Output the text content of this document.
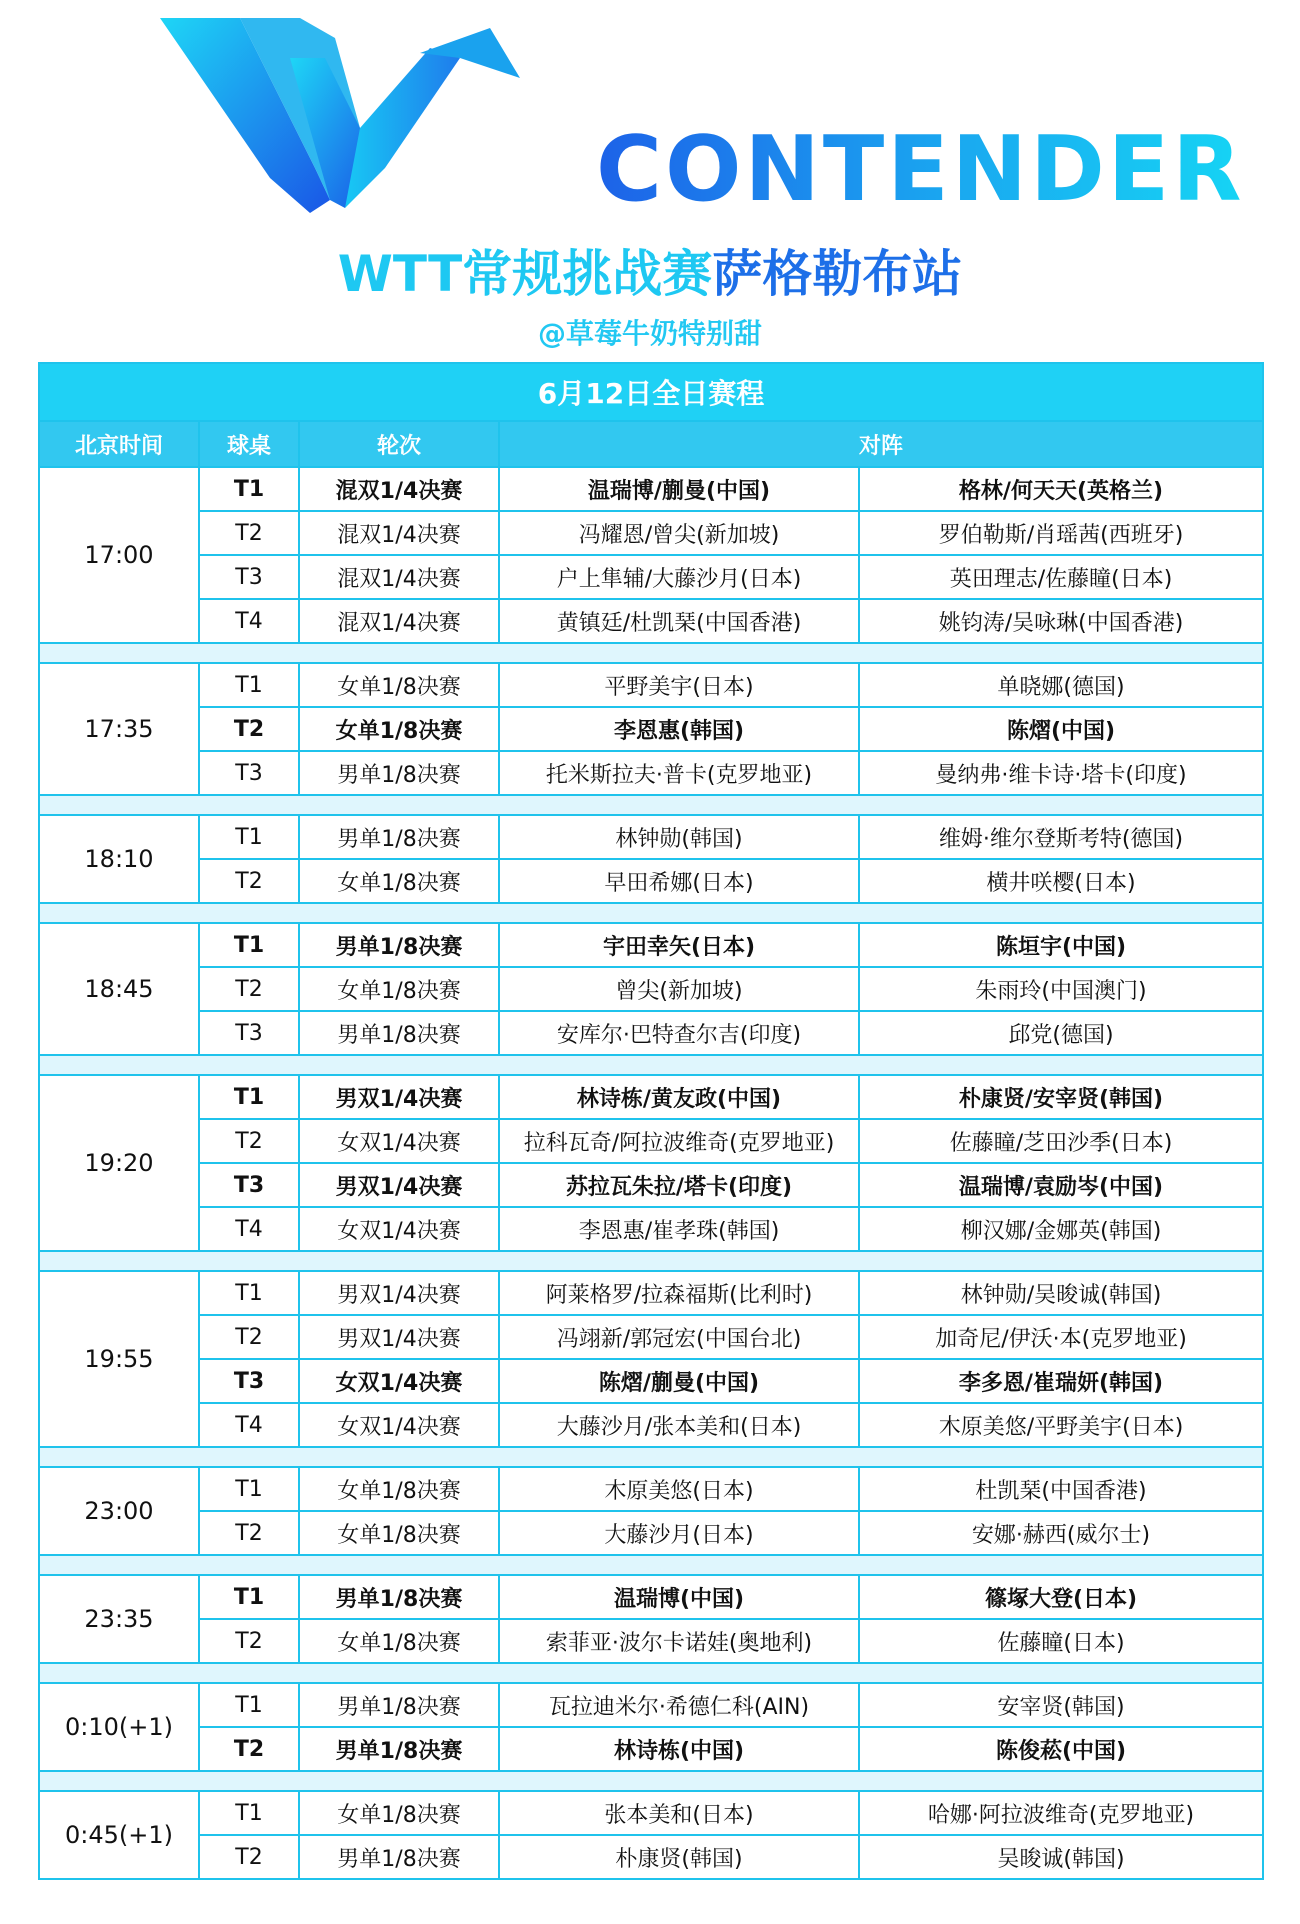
CONTENDER
WTT常规挑战赛萨格勒布站
@草莓牛奶特别甜
6月12日全日赛程				
北京时间	球桌	轮次	对阵	
17:00	T1	混双1/4决赛	温瑞博/蒯曼(中国)	格林/何天天(英格兰)
	T2	混双1/4决赛	冯耀恩/曾尖(新加坡)	罗伯勒斯/肖瑶茜(西班牙)
	T3	混双1/4决赛	户上隼辅/大藤沙月(日本)	英田理志/佐藤瞳(日本)
	T4	混双1/4决赛	黄镇廷/杜凯琹(中国香港)	姚钧涛/吴咏琳(中国香港)

17:35	T1	女单1/8决赛	平野美宇(日本)	单晓娜(德国)
	T2	女单1/8决赛	李恩惠(韩国)	陈熠(中国)
	T3	男单1/8决赛	托米斯拉夫·普卡(克罗地亚)	曼纳弗·维卡诗·塔卡(印度)

18:10	T1	男单1/8决赛	林钟勋(韩国)	维姆·维尔登斯考特(德国)
	T2	女单1/8决赛	早田希娜(日本)	横井咲樱(日本)

18:45	T1	男单1/8决赛	宇田幸矢(日本)	陈垣宇(中国)
	T2	女单1/8决赛	曾尖(新加坡)	朱雨玲(中国澳门)
	T3	男单1/8决赛	安库尔·巴特查尔吉(印度)	邱党(德国)

19:20	T1	男双1/4决赛	林诗栋/黄友政(中国)	朴康贤/安宰贤(韩国)
	T2	女双1/4决赛	拉科瓦奇/阿拉波维奇(克罗地亚)	佐藤瞳/芝田沙季(日本)
	T3	男双1/4决赛	苏拉瓦朱拉/塔卡(印度)	温瑞博/袁励岑(中国)
	T4	女双1/4决赛	李恩惠/崔孝珠(韩国)	柳汉娜/金娜英(韩国)

19:55	T1	男双1/4决赛	阿莱格罗/拉森福斯(比利时)	林钟勋/吴晙诚(韩国)
	T2	男双1/4决赛	冯翊新/郭冠宏(中国台北)	加奇尼/伊沃·本(克罗地亚)
	T3	女双1/4决赛	陈熠/蒯曼(中国)	李多恩/崔瑞妍(韩国)
	T4	女双1/4决赛	大藤沙月/张本美和(日本)	木原美悠/平野美宇(日本)

23:00	T1	女单1/8决赛	木原美悠(日本)	杜凯琹(中国香港)
	T2	女单1/8决赛	大藤沙月(日本)	安娜·赫西(威尔士)

23:35	T1	男单1/8决赛	温瑞博(中国)	篠塚大登(日本)
	T2	女单1/8决赛	索菲亚·波尔卡诺娃(奥地利)	佐藤瞳(日本)

0:10(+1)	T1	男单1/8决赛	瓦拉迪米尔·希德仁科(AIN)	安宰贤(韩国)
	T2	男单1/8决赛	林诗栋(中国)	陈俊菘(中国)

0:45(+1)	T1	女单1/8决赛	张本美和(日本)	哈娜·阿拉波维奇(克罗地亚)
	T2	男单1/8决赛	朴康贤(韩国)	吴晙诚(韩国)
